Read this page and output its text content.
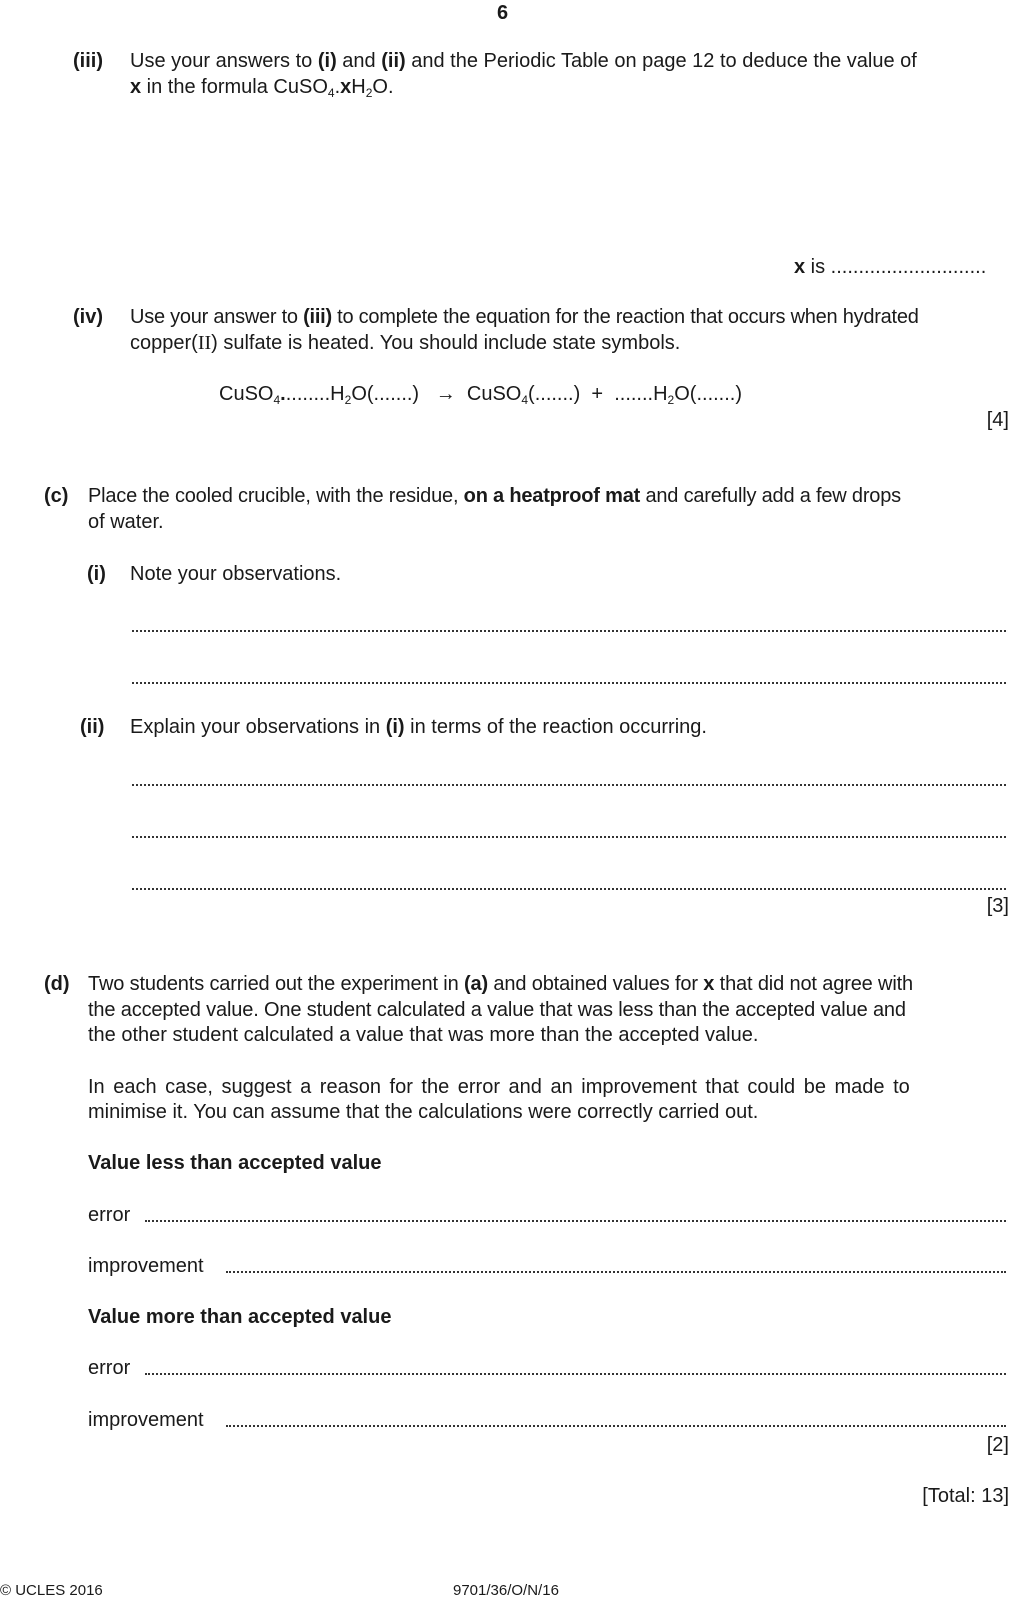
6
(iii) Use your answers to (i) and (ii) and the Periodic Table on page 12 to deduce the value of
x in the formula $CuSO_4.xH_2O$.
x is ............................
(iv) Use your answer to (iii) to complete the equation for the reaction that occurs when hydrated
copper(II) sulfate is heated. You should include state symbols.
$CuSO_4.........H_2O(.......)$ → CuSO$_4$(.......) + $.......H_2O(.......)$
[4]
(c) Place the cooled crucible, with the residue, on a heatproof mat and carefully add a few drops
of water.
(i) Note your observations.
(ii) Explain your observations in (i) in terms of the reaction occurring.
[3]
(d) Two students carried out the experiment in (a) and obtained values for x that did not agree with
the accepted value. One student calculated a value that was less than the accepted value and
the other student calculated a value that was more than the accepted value.
In each case, suggest a reason for the error and an improvement that could be made to
minimise it. You can assume that the calculations were correctly carried out.
Value less than accepted value
error
improvement
Value more than accepted value
error
improvement
[2]
[Total: 13]
© UCLES 2016	9701/36/O/N/16
